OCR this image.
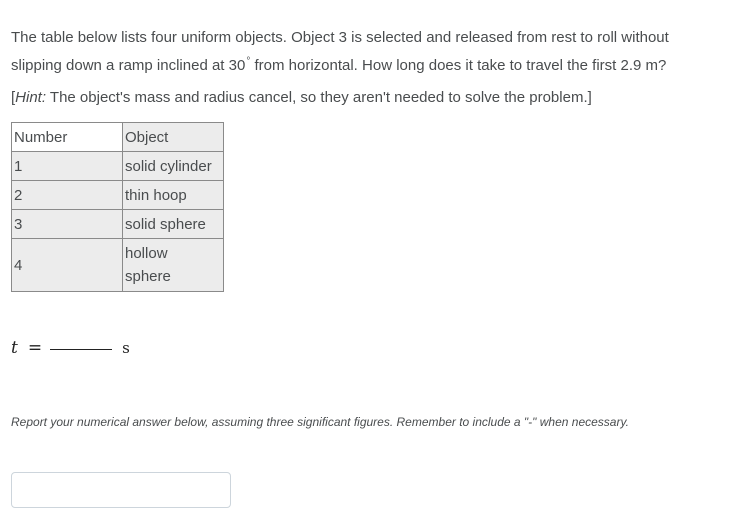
The table below lists four uniform objects. Object 3 is selected and released from rest to roll without slipping down a ramp inclined at 30° from horizontal. How long does it take to travel the first 2.9 m?

[Hint: The object's mass and radius cancel, so they aren't needed to solve the problem.]

Number	Object
1	solid cylinder
2	thin hoop
3	solid sphere
4	hollow
sphere
t =	s

Report your numerical answer below, assuming three significant figures. Remember to include a "-" when necessary.
